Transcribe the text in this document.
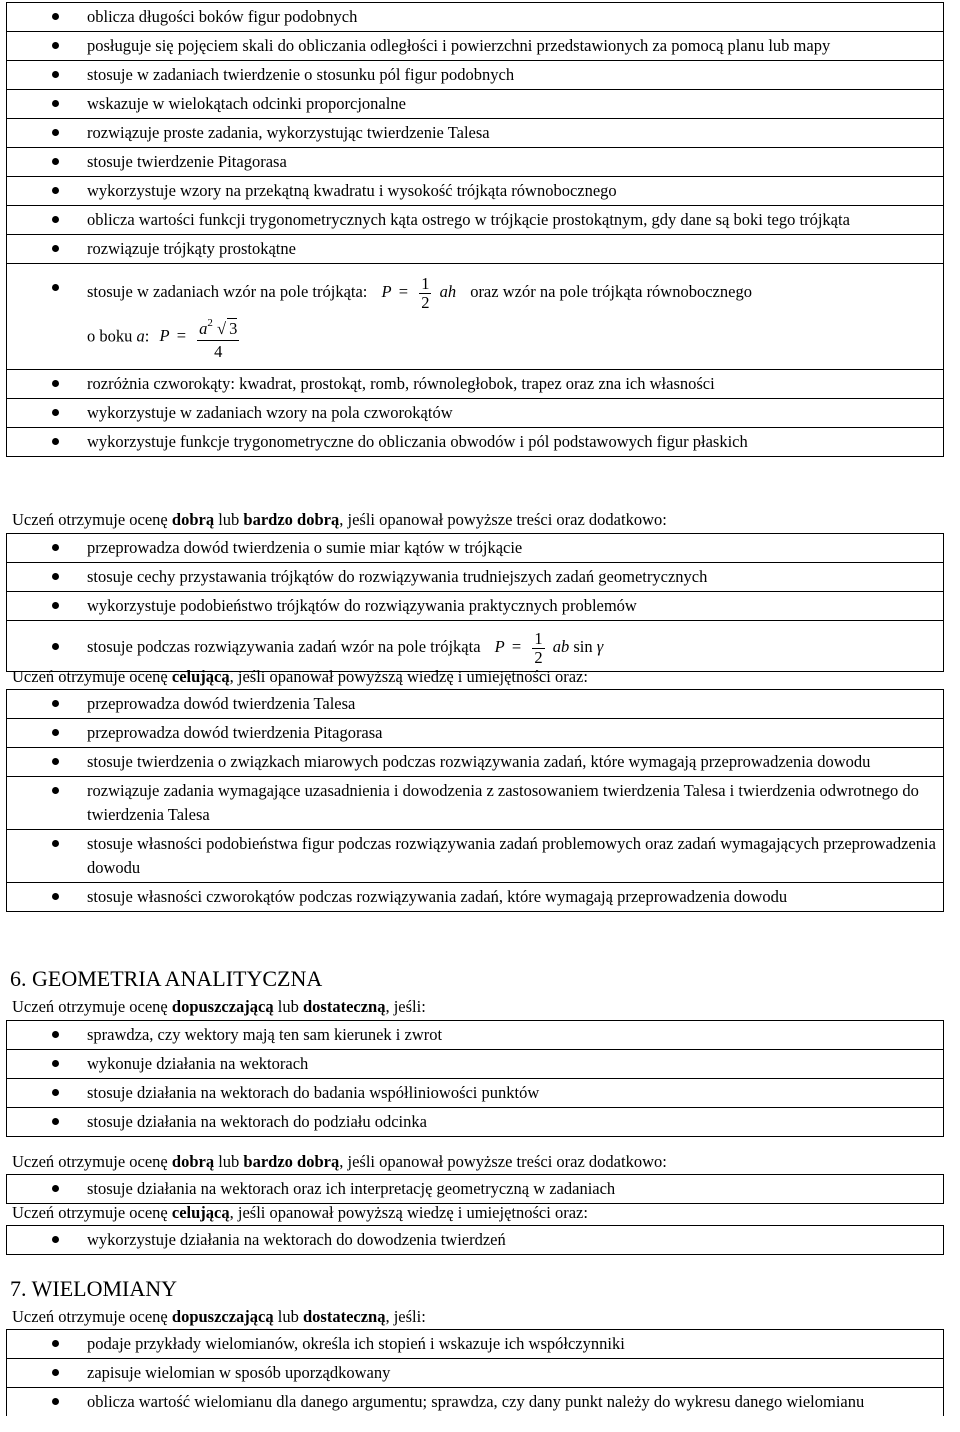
oblicza długości boków figur podobnych
posługuje się pojęciem skali do obliczania odległości i powierzchni przedstawionych za pomocą planu lub mapy
stosuje w zadaniach twierdzenie o stosunku pól figur podobnych
wskazuje w wielokątach odcinki proporcjonalne
rozwiązuje proste zadania, wykorzystując twierdzenie Talesa
stosuje twierdzenie Pitagorasa
wykorzystuje wzory na przekątną kwadratu i wysokość trójkąta równobocznego
oblicza wartości funkcji trygonometrycznych kąta ostrego w trójkącie prostokątnym, gdy dane są boki tego trójkąta
rozwiązuje trójkąty prostokątne
stosuje w zadaniach wzór na pole trójkąta: $P = \frac{1}{2}$ ah oraz wzór na pole trójkąta równobocznego
o boku a: $P = \frac{a^2 √ 3}{4}$
rozróżnia czworokąty: kwadrat, prostokąt, romb, równoległobok, trapez oraz zna ich własności
wykorzystuje w zadaniach wzory na pola czworokątów
wykorzystuje funkcje trygonometryczne do obliczania obwodów i pól podstawowych figur płaskich
Uczeń otrzymuje ocenę dobrą lub bardzo dobrą, jeśli opanował powyższe treści oraz dodatkowo:
przeprowadza dowód twierdzenia o sumie miar kątów w trójkącie
stosuje cechy przystawania trójkątów do rozwiązywania trudniejszych zadań geometrycznych
wykorzystuje podobieństwo trójkątów do rozwiązywania praktycznych problemów
stosuje podczas rozwiązywania zadań wzór na pole trójkąta $P = \frac{1}{2}$ ab sin γ
Uczeń otrzymuje ocenę celującą, jeśli opanował powyższą wiedzę i umiejętności oraz:
przeprowadza dowód twierdzenia Talesa
przeprowadza dowód twierdzenia Pitagorasa
stosuje twierdzenia o związkach miarowych podczas rozwiązywania zadań, które wymagają przeprowadzenia dowodu
rozwiązuje zadania wymagające uzasadnienia i dowodzenia z zastosowaniem twierdzenia Talesa i twierdzenia odwrotnego do twierdzenia Talesa
stosuje własności podobieństwa figur podczas rozwiązywania zadań problemowych oraz zadań wymagających przeprowadzenia dowodu
stosuje własności czworokątów podczas rozwiązywania zadań, które wymagają przeprowadzenia dowodu
6. GEOMETRIA ANALITYCZNA
Uczeń otrzymuje ocenę dopuszczającą lub dostateczną, jeśli:
sprawdza, czy wektory mają ten sam kierunek i zwrot
wykonuje działania na wektorach
stosuje działania na wektorach do badania współliniowości punktów
stosuje działania na wektorach do podziału odcinka
Uczeń otrzymuje ocenę dobrą lub bardzo dobrą, jeśli opanował powyższe treści oraz dodatkowo:
stosuje działania na wektorach oraz ich interpretację geometryczną w zadaniach
Uczeń otrzymuje ocenę celującą, jeśli opanował powyższą wiedzę i umiejętności oraz:
wykorzystuje działania na wektorach do dowodzenia twierdzeń
7. WIELOMIANY
Uczeń otrzymuje ocenę dopuszczającą lub dostateczną, jeśli:
podaje przykłady wielomianów, określa ich stopień i wskazuje ich współczynniki
zapisuje wielomian w sposób uporządkowany
oblicza wartość wielomianu dla danego argumentu; sprawdza, czy dany punkt należy do wykresu danego wielomianu
